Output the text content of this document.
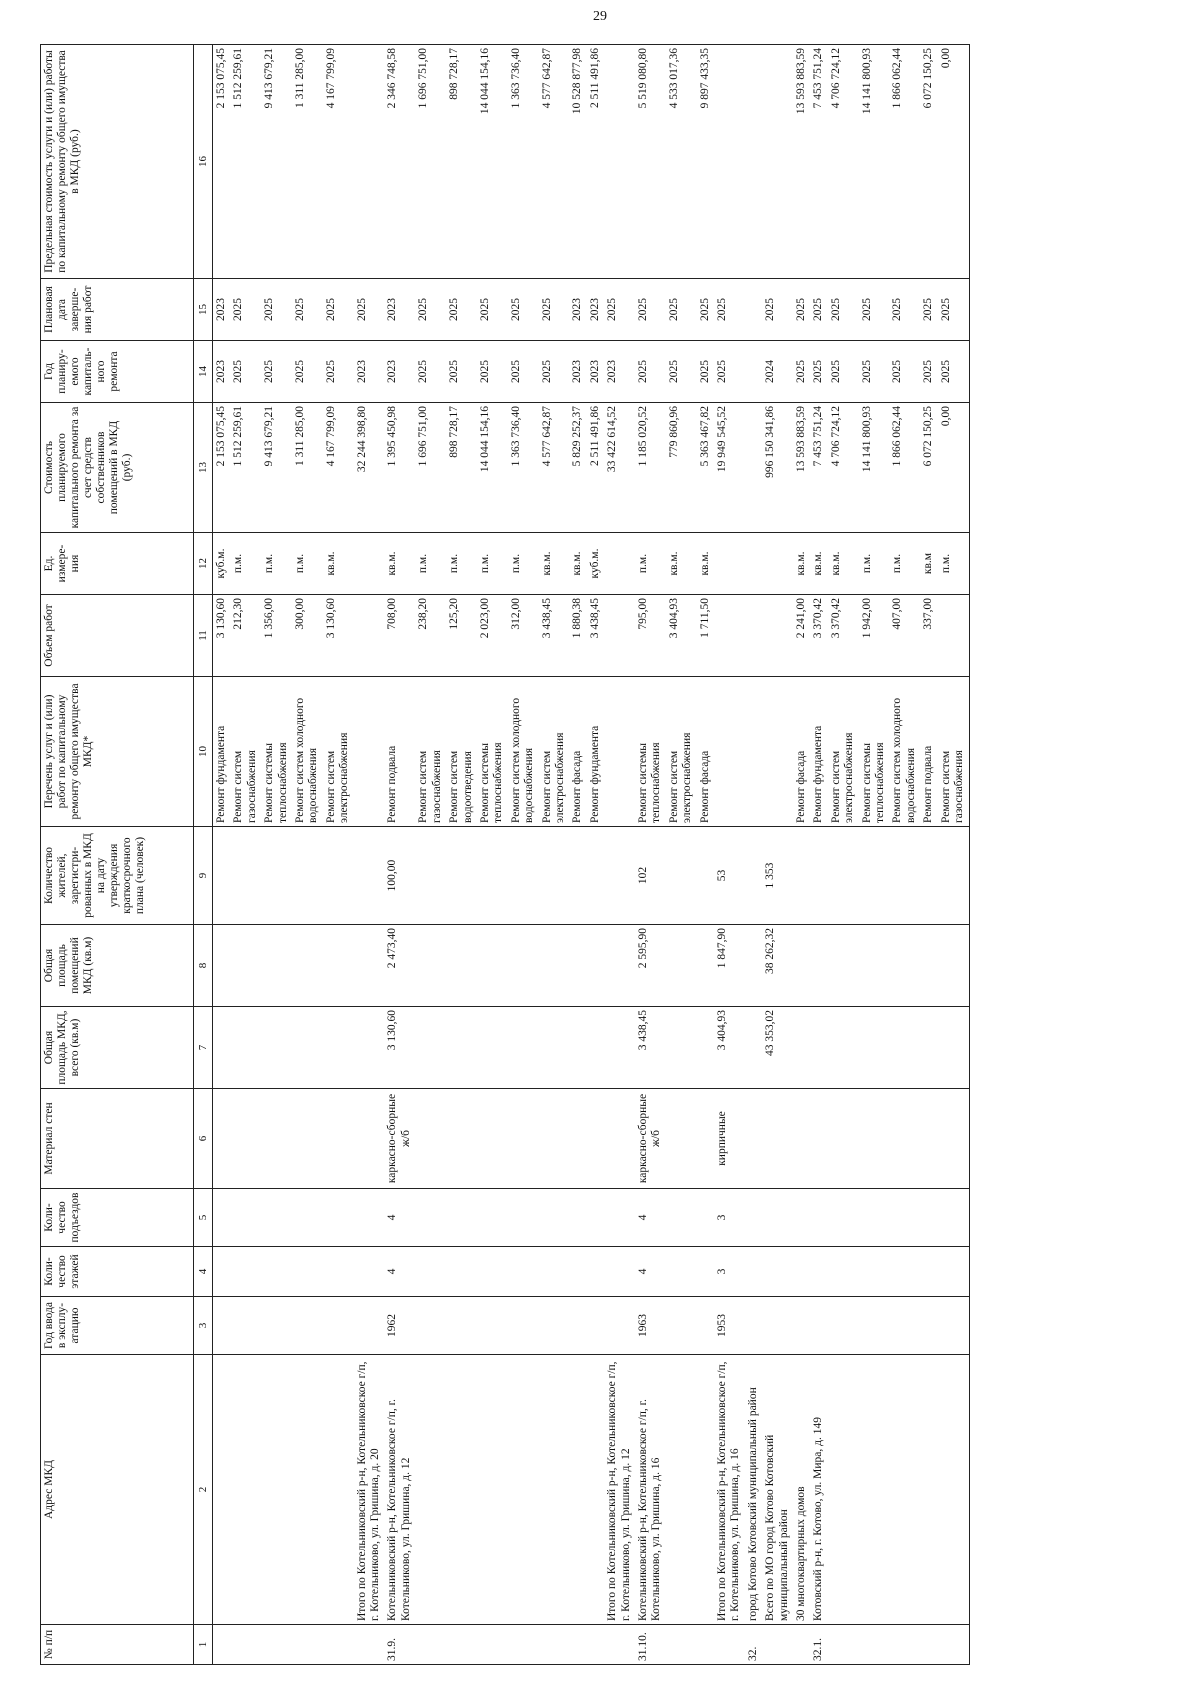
29
№ п/п	Адрес МКД	Год ввода в эксплу-атацию	Коли-чество этажей	Коли-чество подъездов	Материал стен	Общая площадь МКД, всего (кв.м)	Общая площадь помещений МКД (кв.м)	Количество жителей, зарегистри-рованных в МКД на дату утверждения краткосрочного плана (человек)	Перечень услуг и (или) работ по капитальному ремонту общего имущества МКД*	Объем работ	Ед. измере-ния	Стоимость планируемого капитального ремонта за счет средств собственников помещений в МКД (руб.)	Год планиру-емого капиталь-ного ремонта	Плановая дата заверше-ния работ	Предельная стоимость услуги и (или) работы по капитальному ремонту общего имущества в МКД (руб.)
1	2	3	4	5	6	7	8	9	10	11	12	13	14	15	16
									Ремонт фундамента	3 130,60	куб.м.	2 153 075,45	2023	2023	2 153 075,45
									Ремонт систем газоснабжения	212,30	п.м.	1 512 259,61	2025	2025	1 512 259,61
									Ремонт системы теплоснабжения	1 356,00	п.м.	9 413 679,21	2025	2025	9 413 679,21
									Ремонт систем холодного водоснабжения	300,00	п.м.	1 311 285,00	2025	2025	1 311 285,00
									Ремонт систем электроснабжения	3 130,60	кв.м.	4 167 799,09	2025	2025	4 167 799,09
	Итого по Котельниковский р-н, Котельниковское г/п, г. Котельниково, ул. Гришина, д. 20											32 244 398,80	2023	2025	
31.9.	Котельниковский р-н, Котельниковское г/п, г. Котельниково, ул. Гришина, д. 12	1962	4	4	каркасно-сборные ж/б	3 130,60	2 473,40	100,00	Ремонт подвала	708,00	кв.м.	1 395 450,98	2023	2023	2 346 748,58
									Ремонт систем газоснабжения	238,20	п.м.	1 696 751,00	2025	2025	1 696 751,00
									Ремонт систем водоотведения	125,20	п.м.	898 728,17	2025	2025	898 728,17
									Ремонт системы теплоснабжения	2 023,00	п.м.	14 044 154,16	2025	2025	14 044 154,16
									Ремонт систем холодного водоснабжения	312,00	п.м.	1 363 736,40	2025	2025	1 363 736,40
									Ремонт систем электроснабжения	3 438,45	кв.м.	4 577 642,87	2025	2025	4 577 642,87
									Ремонт фасада	1 880,38	кв.м.	5 829 252,37	2023	2023	10 528 877,98
									Ремонт фундамента	3 438,45	куб.м.	2 511 491,86	2023	2023	2 511 491,86
	Итого по Котельниковский р-н, Котельниковское г/п, г. Котельниково, ул. Гришина, д. 12											33 422 614,52	2023	2025	
31.10.	Котельниковский р-н, Котельниковское г/п, г. Котельниково, ул. Гришина, д. 16	1963	4	4	каркасно-сборные ж/б	3 438,45	2 595,90	102	Ремонт системы теплоснабжения	795,00	п.м.	1 185 020,52	2025	2025	5 519 080,80
									Ремонт систем электроснабжения	3 404,93	кв.м.	779 860,96	2025	2025	4 533 017,36
									Ремонт фасада	1 711,50	кв.м.	5 363 467,82	2025	2025	9 897 433,35
	Итого по Котельниковский р-н, Котельниковское г/п, г. Котельниково, ул. Гришина, д. 16	1953	3	3	кирпичные	3 404,93	1 847,90	53				19 949 545,52	2025	2025	
32.	город Котово Котовский муниципальный район														
	Всего по МО город Котово Котовский муниципальный район					43 353,02	38 262,32	1 353				996 150 341,86	2024	2025	
	30 многоквартирных домов								Ремонт фасада	2 241,00	кв.м.	13 593 883,59	2025	2025	13 593 883,59
32.1.	Котовский р-н, г. Котово, ул. Мира, д. 149								Ремонт фундамента	3 370,42	кв.м.	7 453 751,24	2025	2025	7 453 751,24
									Ремонт систем электроснабжения	3 370,42	кв.м.	4 706 724,12	2025	2025	4 706 724,12
									Ремонт системы теплоснабжения	1 942,00	п.м.	14 141 800,93	2025	2025	14 141 800,93
									Ремонт систем холодного водоснабжения	407,00	п.м.	1 866 062,44	2025	2025	1 866 062,44
									Ремонт подвала	337,00	кв.м	6 072 150,25	2025	2025	6 072 150,25
									Ремонт систем газоснабжения		п.м.	0,00	2025	2025	0,00
